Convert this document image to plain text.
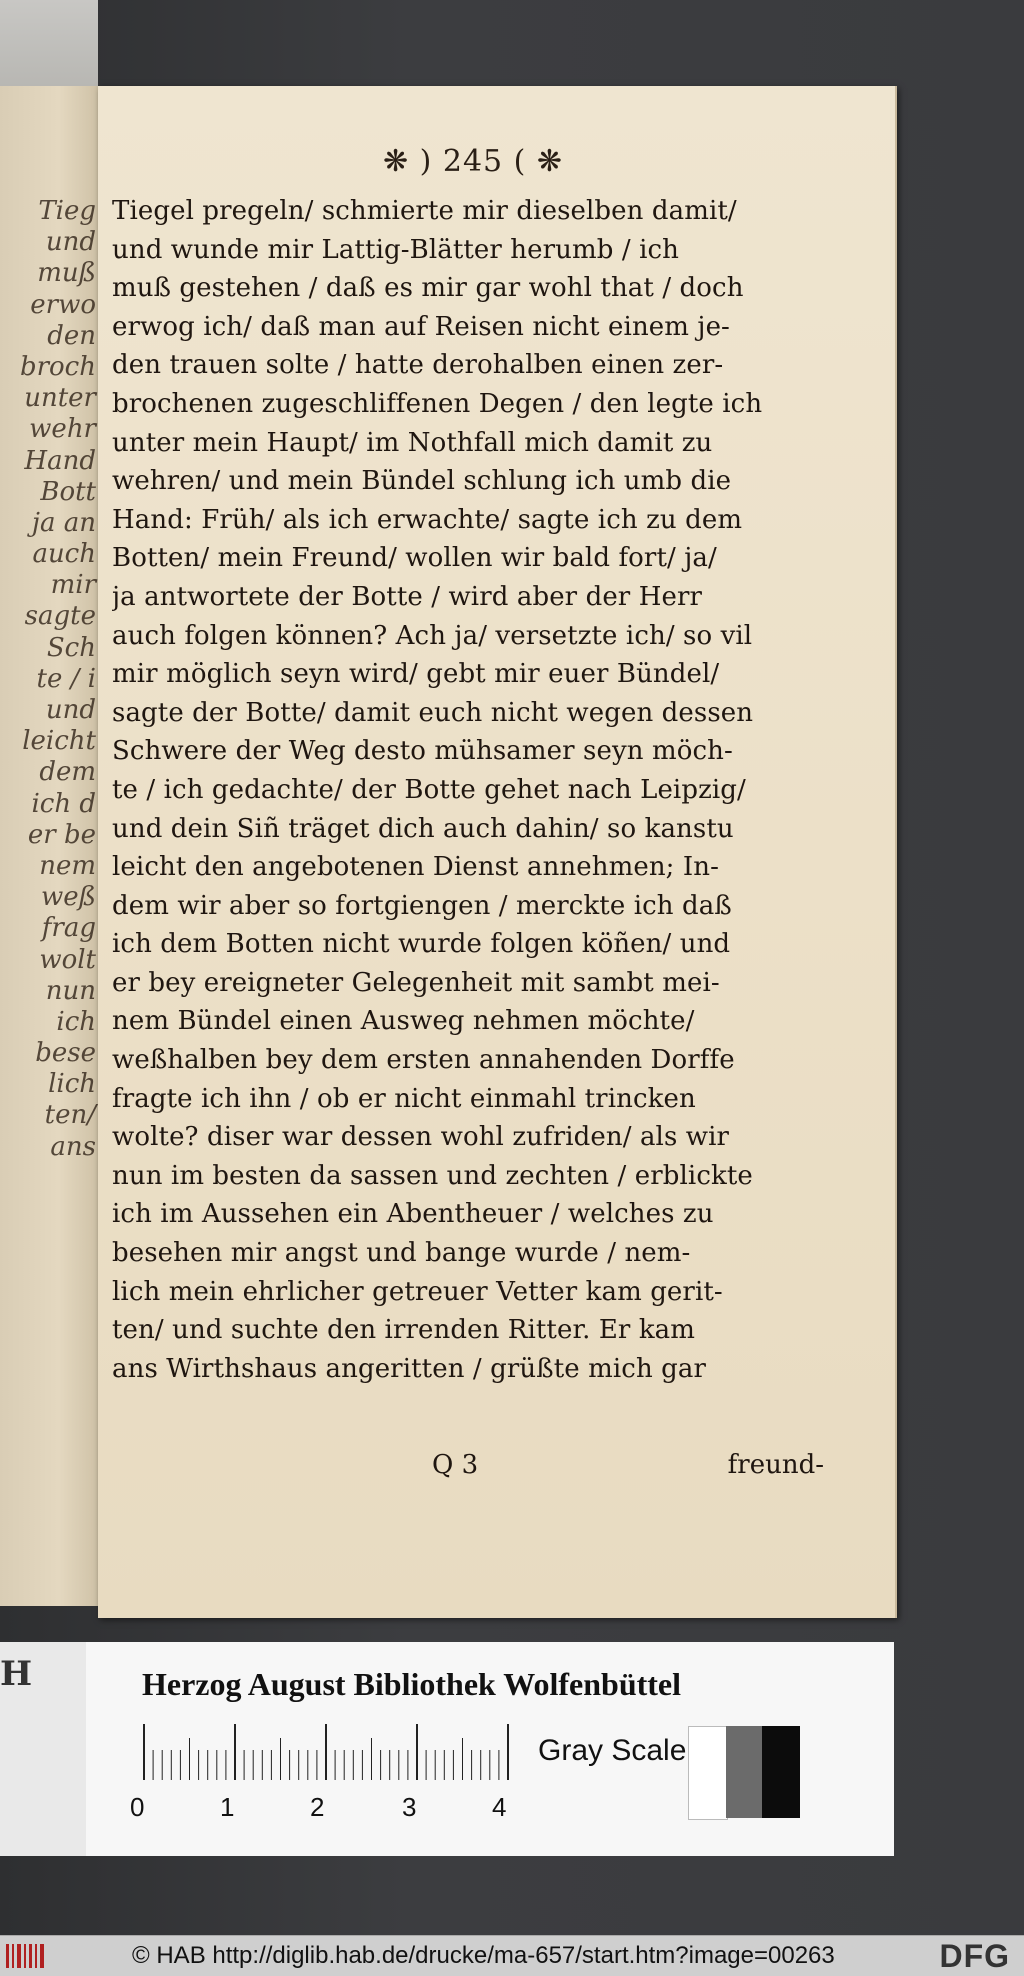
Tieg
und
muß
erwo
den
broch
unter
wehr
Hand
Bott
ja an
auch
mir
sagte
Sch
te / i
und
leicht
dem
ich d
er be
nem
weß
frag
wolt
nun
ich
bese
lich
ten/
ans
❋ ) 245 ( ❋
Tiegel pregeln/ schmierte mir dieselben damit/
und wunde mir Lattig-Blätter herumb / ich
muß gestehen / daß es mir gar wohl that / doch
erwog ich/ daß man auf Reisen nicht einem je-
den trauen solte / hatte derohalben einen zer-
brochenen zugeschliffenen Degen / den legte ich
unter mein Haupt/ im Nothfall mich damit zu
wehren/ und mein Bündel schlung ich umb die
Hand: Früh/ als ich erwachte/ sagte ich zu dem
Botten/ mein Freund/ wollen wir bald fort/ ja/
ja antwortete der Botte / wird aber der Herr
auch folgen können? Ach ja/ versetzte ich/ so vil
mir möglich seyn wird/ gebt mir euer Bündel/
sagte der Botte/ damit euch nicht wegen dessen
Schwere der Weg desto mühsamer seyn möch-
te / ich gedachte/ der Botte gehet nach Leipzig/
und dein Siñ träget dich auch dahin/ so kanstu
leicht den angebotenen Dienst annehmen; In-
dem wir aber so fortgiengen / merckte ich daß
ich dem Botten nicht wurde folgen köñen/ und
er bey ereigneter Gelegenheit mit sambt mei-
nem Bündel einen Ausweg nehmen möchte/
weßhalben bey dem ersten annahenden Dorffe
fragte ich ihn / ob er nicht einmahl trincken
wolte? diser war dessen wohl zufriden/ als wir
nun im besten da sassen und zechten / erblickte
ich im Aussehen ein Abentheuer / welches zu
besehen mir angst und bange wurde / nem-
lich mein ehrlicher getreuer Vetter kam gerit-
ten/ und suchte den irrenden Ritter. Er kam
ans Wirthshaus angeritten / grüßte mich gar
Q 3	freund-
H	Herzog August Bibliothek Wolfenbüttel
0	1	2	3	4
Gray Scale
© HAB http://diglib.hab.de/drucke/ma-657/start.htm?image=00263	DFG
